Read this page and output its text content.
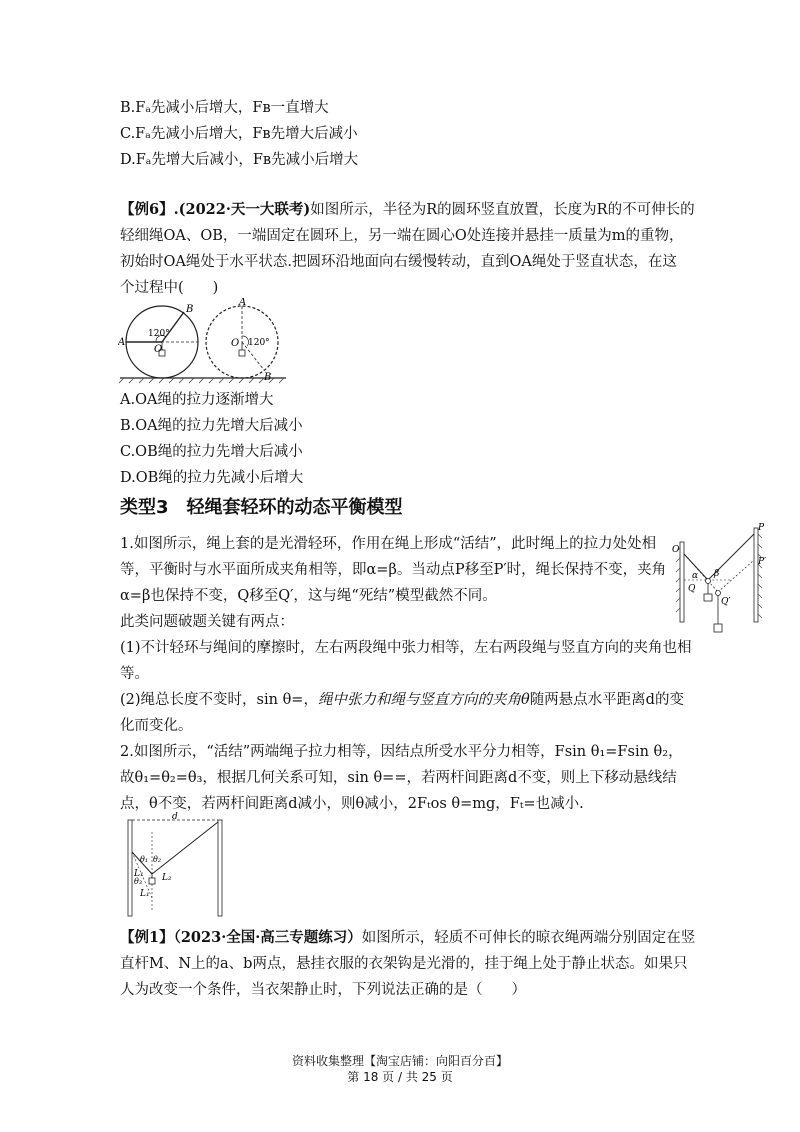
B.Fₐ先减小后增大，Fʙ一直增大
C.Fₐ先减小后增大，Fʙ先增大后减小
D.Fₐ先增大后减小，Fʙ先减小后增大
【例6】.(2022·天一大联考)如图所示，半径为R的圆环竖直放置，长度为R的不可伸长的
轻细绳OA、OB，一端固定在圆环上，另一端在圆心O处连接并悬挂一质量为m的重物，
初始时OA绳处于水平状态.把圆环沿地面向右缓慢转动，直到OA绳处于竖直状态，在这
个过程中(　　)
A
B
O
120°
A
B
O 120°
A.OA绳的拉力逐渐增大
B.OA绳的拉力先增大后减小
C.OB绳的拉力先增大后减小
D.OB绳的拉力先减小后增大
类型3　轻绳套轻环的动态平衡模型
1.如图所示，绳上套的是光滑轻环，作用在绳上形成“活结”，此时绳上的拉力处处相
等，平衡时与水平面所成夹角相等，即α=β。当动点P移至P′时，绳长保持不变，夹角
α=β也保持不变，Q移至Q′，这与绳“死结”模型截然不同。
此类问题破题关键有两点：
(1)不计轻环与绳间的摩擦时，左右两段绳中张力相等，左右两段绳与竖直方向的夹角也相
等。
(2)绳总长度不变时，sin θ=，绳中张力和绳与竖直方向的夹角θ随两悬点水平距离d的变
化而变化。
2.如图所示，“活结”两端绳子拉力相等，因结点所受水平分力相等，Fsin θ₁=Fsin θ₂，
故θ₁=θ₂=θ₃，根据几何关系可知，sin θ==，若两杆间距离d不变，则上下移动悬线结
点，θ不变，若两杆间距离d减小，则θ减小，2Fₜos θ=mg，Fₜ=也减小.
P
P′
O
Q
Q′
α β
d
θ₁ θ₂
θ₃
L₁ L₂
L₁
【例1】（2023·全国·高三专题练习）如图所示，轻质不可伸长的晾衣绳两端分别固定在竖
直杆M、N上的a、b两点，悬挂衣服的衣架钩是光滑的，挂于绳上处于静止状态。如果只
人为改变一个条件，当衣架静止时，下列说法正确的是（　　）
资料收集整理【淘宝店铺：向阳百分百】
第 18 页 / 共 25 页
